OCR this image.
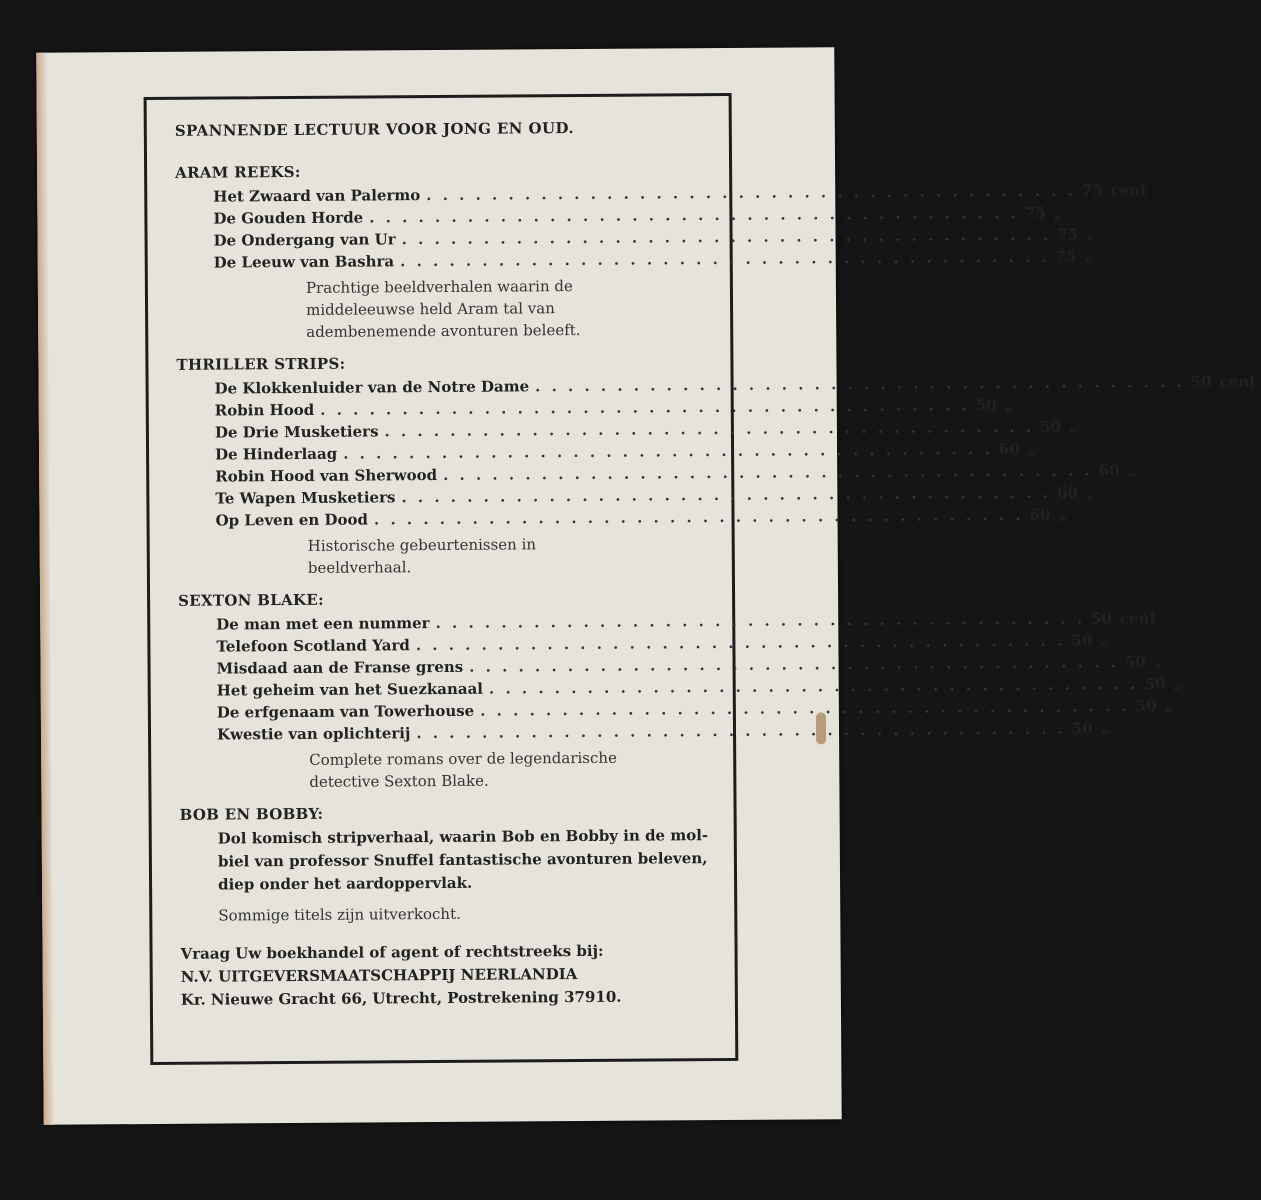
SPANNENDE LECTUUR VOOR JONG EN OUD.
ARAM REEKS:
Het Zwaard van Palermo . . . . . . . . . . . . . . . . . . . . . . . . . . . . . . . . . . . . . . . . 75 cent
De Gouden Horde . . . . . . . . . . . . . . . . . . . . . . . . . . . . . . . . . . . . . . . . 75 „
De Ondergang van Ur . . . . . . . . . . . . . . . . . . . . . . . . . . . . . . . . . . . . . . . . 75 „
De Leeuw van Bashra . . . . . . . . . . . . . . . . . . . . . . . . . . . . . . . . . . . . . . . . 75 „
Prachtige beeldverhalen waarin de middeleeuwse held Aram tal van adembenemende avonturen beleeft.
THRILLER STRIPS:
De Klokkenluider van de Notre Dame . . . . . . . . . . . . . . . . . . . . . . . . . . . . . . . . . . . . . . . . 50 cent
Robin Hood . . . . . . . . . . . . . . . . . . . . . . . . . . . . . . . . . . . . . . . . 50 „
De Drie Musketiers . . . . . . . . . . . . . . . . . . . . . . . . . . . . . . . . . . . . . . . . 50 „
De Hinderlaag . . . . . . . . . . . . . . . . . . . . . . . . . . . . . . . . . . . . . . . . 60 „
Robin Hood van Sherwood . . . . . . . . . . . . . . . . . . . . . . . . . . . . . . . . . . . . . . . . 60 „
Te Wapen Musketiers . . . . . . . . . . . . . . . . . . . . . . . . . . . . . . . . . . . . . . . . 60 „
Op Leven en Dood . . . . . . . . . . . . . . . . . . . . . . . . . . . . . . . . . . . . . . . . 60 „
Historische gebeurtenissen in beeldverhaal.
SEXTON BLAKE:
De man met een nummer . . . . . . . . . . . . . . . . . . . . . . . . . . . . . . . . . . . . . . . . 50 cent
Telefoon Scotland Yard . . . . . . . . . . . . . . . . . . . . . . . . . . . . . . . . . . . . . . . . 50 „
Misdaad aan de Franse grens . . . . . . . . . . . . . . . . . . . . . . . . . . . . . . . . . . . . . . . . 50 „
Het geheim van het Suezkanaal . . . . . . . . . . . . . . . . . . . . . . . . . . . . . . . . . . . . . . . . 50 „
De erfgenaam van Towerhouse . . . . . . . . . . . . . . . . . . . . . . . . . . . . . . . . . . . . . . . . 50 „
Kwestie van oplichterij . . . . . . . . . . . . . . . . . . . . . . . . . . . . . . . . . . . . . . . . 50 „
Complete romans over de legendarische detective Sexton Blake.
BOB EN BOBBY:
Dol komisch stripverhaal, waarin Bob en Bobby in de mol-biel van professor Snuffel fantastische avonturen beleven, diep onder het aardoppervlak.
Sommige titels zijn uitverkocht.
Vraag Uw boekhandel of agent of rechtstreeks bij:
N.V. UITGEVERSMAATSCHAPPIJ NEERLANDIA
Kr. Nieuwe Gracht 66, Utrecht, Postrekening 37910.
